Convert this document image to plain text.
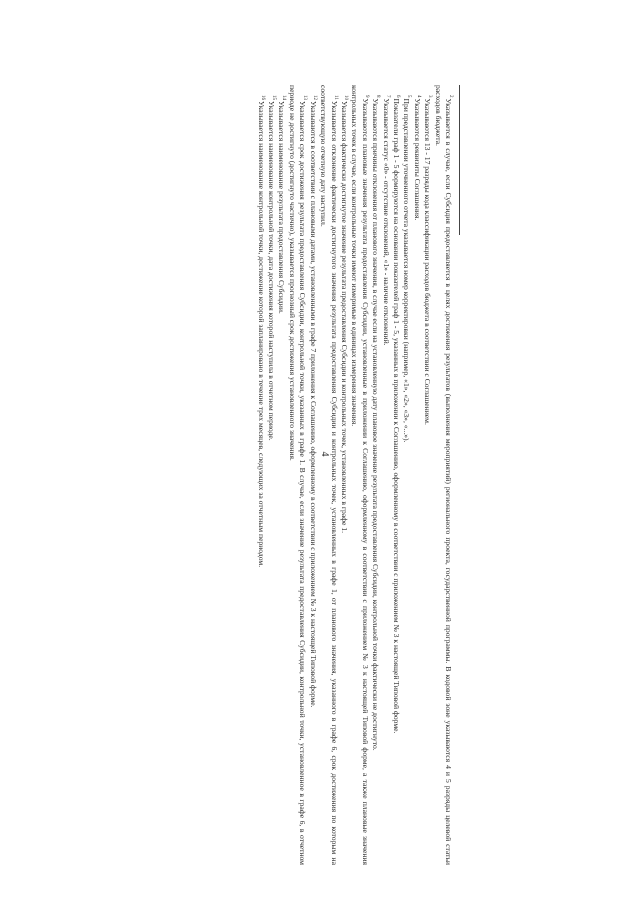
4

$^2$Указывается в случае, если Субсидия предоставляется в целях достижения результатов (выполнения мероприятий) регионального проекта, государственной программы. В кодовой зоне указываются 4 и 5 разряды целевой статьи расходов бюджета.

$^3$Указываются 13 - 17 разряды кода классификации расходов бюджета в соответствии с Соглашением.

$^4$Указываются реквизиты Соглашения.

$^5$При представлении уточненного отчета указывается номер корректировки (например, «1», «2», «3», «...»).

$^6$Показатели граф 1 - 5 формируются на основании показателей граф 1 - 5, указанных в приложении к Соглашению, оформленному в соответствии с приложением № 3 к настоящей Типовой форме.

$^7$Указывается статус «0» - отсутствие отклонений, «1» - наличие отклонений.

$^8$Указываются причины отклонения от планового значения, в случае если на установленную дату плановое значение результата предоставления Субсидии, контрольной точки фактически не достигнуто.

$^9$Указываются плановые значения результата предоставления Субсидии, установленные в приложении к Соглашению, оформленному в соответствии с приложением № 3 к настоящей Типовой форме, а также плановые значения контрольных точек в случае, если контрольные точки имеют измеримые в единицах измерения значения.

$^{10}$Указывается фактически достигнутое значение результата предоставления Субсидии и контрольных точек, установленных в графе 1.

$^{11}$Указывается отклонение фактически достигнутого значения результата предоставления Субсидии и контрольных точек, установленных в графе 1, от планового значения, указанного в графе 6, срок достижения по которым на соответствующую отчетную дату наступил.

$^{12}$Указываются в соответствии с плановыми датами, установленными в графе 7 приложения к Соглашению, оформленному в соответствии с приложением № 3 к настоящей Типовой форме.

$^{13}$Указывается срок достижения результата предоставления Субсидии, контрольной точки, указанных в графе 1. В случае, если значение результата предоставления Субсидии, контрольной точки, установленное в графе 6, в отчетном периоде не достигнуто (достигнуто частично), указывается прогнозный срок достижения установленного значения.

$^{14}$Указывается наименование результата предоставления Субсидии.

$^{15}$Указывается наименование контрольной точки, дата достижения которой наступила в отчетном периоде.

$^{16}$Указывается наименование контрольной точки, достижение которой запланировано в течение трех месяцев, следующих за отчетным периодом.
